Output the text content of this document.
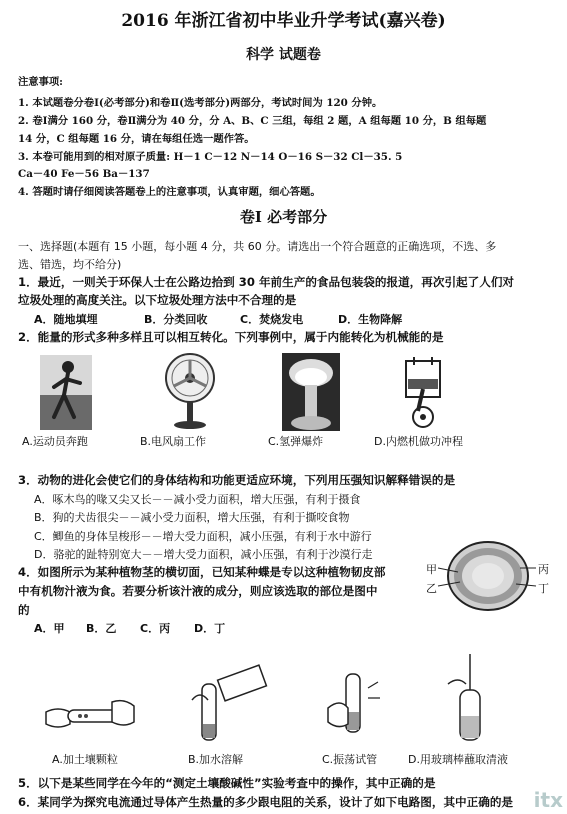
2016 年浙江省初中毕业升学考试(嘉兴卷)
科学 试题卷
注意事项:
1. 本试题卷分卷Ⅰ(必考部分)和卷Ⅱ(选考部分)两部分，考试时间为 120 分钟。
2. 卷Ⅰ满分 160 分，卷Ⅱ满分为 40 分，分 A、B、C 三组，每组 2 题，A 组每题 10 分，B 组每题
14 分，C 组每题 16 分，请在每组任选一题作答。
3. 本卷可能用到的相对原子质量: H－1 C－12 N－14 O－16 S－32 Cl－35. 5
Ca－40 Fe－56 Ba－137
4. 答题时请仔细阅读答题卷上的注意事项，认真审题，细心答题。
卷Ⅰ 必考部分
一、选择题(本题有 15 小题，每小题 4 分，共 60 分。请选出一个符合题意的正确选项，不选、多
选、错选，均不给分)
1．最近，一则关于环保人士在公路边拾到 30 年前生产的食品包装袋的报道，再次引起了人们对
垃圾处理的高度关注。以下垃圾处理方法中不合理的是
A．随地填埋	B．分类回收	C．焚烧发电	D．生物降解
2．能量的形式多种多样且可以相互转化。下列事例中，属于内能转化为机械能的是
A.运动员奔跑	B.电风扇工作	C.氢弹爆炸	D.内燃机做功冲程
3．动物的进化会使它们的身体结构和功能更适应环境，下列用压强知识解释错误的是
A．啄木鸟的喙又尖又长－－减小受力面积，增大压强，有利于摄食
B．狗的犬齿很尖－－减小受力面积，增大压强，有利于撕咬食物
C．鲫鱼的身体呈梭形－－增大受力面积，减小压强，有利于水中游行
D．骆驼的趾特别宽大－－增大受力面积，减小压强，有利于沙漠行走
4．如图所示为某种植物茎的横切面，已知某种蝶是专以这种植物韧皮部
中有机物汁液为食。若要分析该汁液的成分，则应该选取的部位是图中
的
A．甲 B．乙 C．丙 D．丁
甲
乙
丙
丁
A.加土壤颗粒	B.加水溶解	C.振荡试管	D.用玻璃棒蘸取清液
5．以下是某些同学在今年的“测定土壤酸碱性”实验考查中的操作，其中正确的是
6．某同学为探究电流通过导体产生热量的多少跟电阻的关系，设计了如下电路图，其中正确的是 itx
